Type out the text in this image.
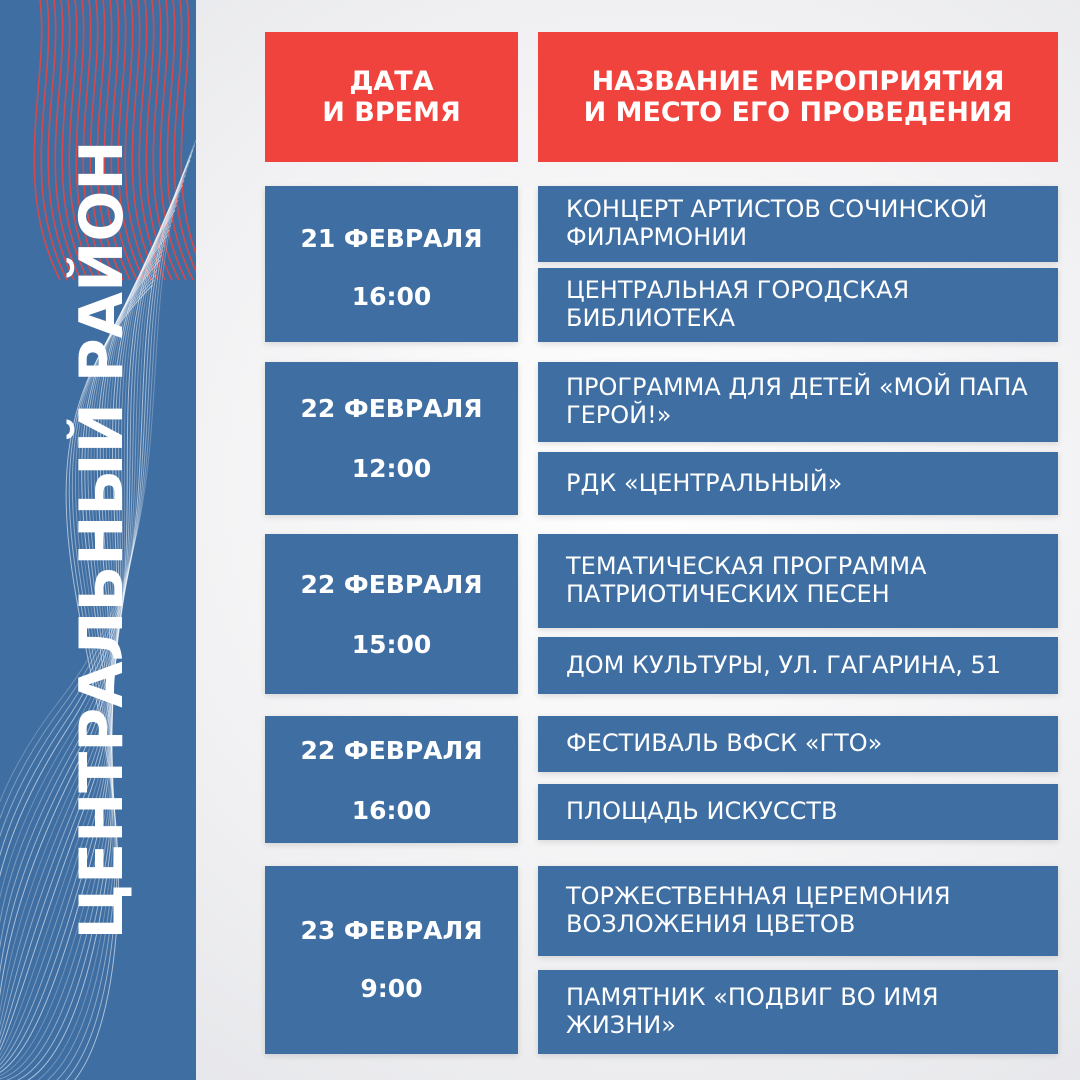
ЦЕНТРАЛЬНЫЙ РАЙОН
ДАТА
И ВРЕМЯ
НАЗВАНИЕ МЕРОПРИЯТИЯ
И МЕСТО ЕГО ПРОВЕДЕНИЯ
21 ФЕВРАЛЯ
16:00
КОНЦЕРТ АРТИСТОВ СОЧИНСКОЙ ФИЛАРМОНИИ
ЦЕНТРАЛЬНАЯ ГОРОДСКАЯ БИБЛИОТЕКА
22 ФЕВРАЛЯ
12:00
ПРОГРАММА ДЛЯ ДЕТЕЙ «МОЙ ПАПА ГЕРОЙ!»
РДК «ЦЕНТРАЛЬНЫЙ»
22 ФЕВРАЛЯ
15:00
ТЕМАТИЧЕСКАЯ ПРОГРАММА ПАТРИОТИЧЕСКИХ ПЕСЕН
ДОМ КУЛЬТУРЫ, УЛ. ГАГАРИНА, 51
22 ФЕВРАЛЯ
16:00
ФЕСТИВАЛЬ ВФСК «ГТО»
ПЛОЩАДЬ ИСКУССТВ
23 ФЕВРАЛЯ
9:00
ТОРЖЕСТВЕННАЯ ЦЕРЕМОНИЯ ВОЗЛОЖЕНИЯ ЦВЕТОВ
ПАМЯТНИК «ПОДВИГ ВО ИМЯ ЖИЗНИ»
